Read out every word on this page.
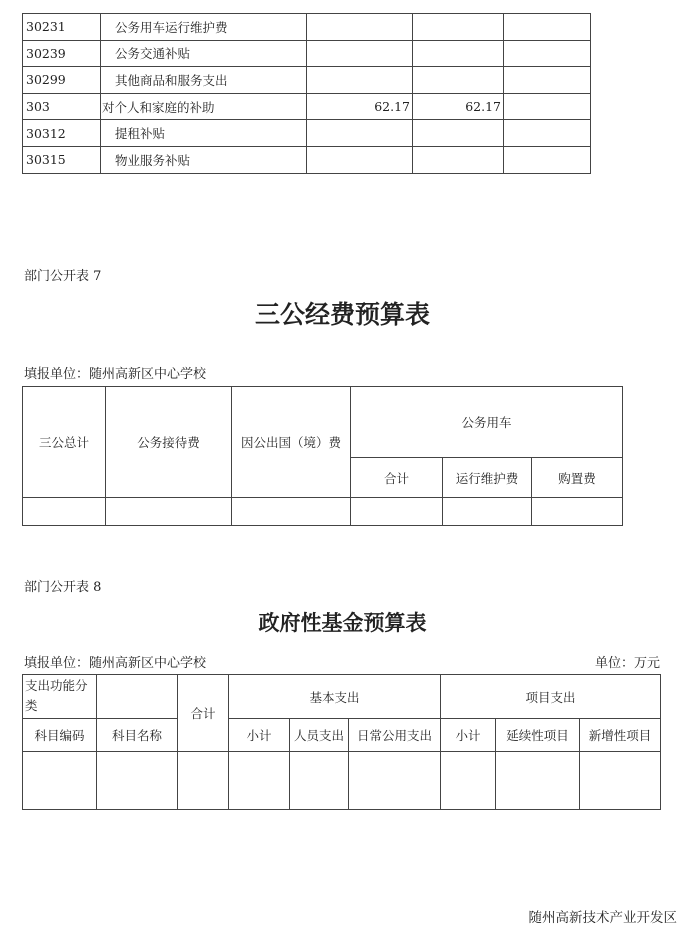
30231	公务用车运行维护费			
30239	公务交通补贴			
30299	其他商品和服务支出			
303	对个人和家庭的补助	62.17	62.17	
30312	提租补贴			
30315	物业服务补贴			
部门公开表 7
三公经费预算表
填报单位：随州高新区中心学校
三公总计	公务接待费	因公出国（境）费	公务用车		
			合计	运行维护费	购置费

部门公开表 8
政府性基金预算表
填报单位：随州高新区中心学校	单位：万元
支出功能分类		合计	基本支出			项目支出		
科目编码	科目名称		小计	人员支出	日常公用支出	小计	延续性项目	新增性项目

随州高新技术产业开发区
